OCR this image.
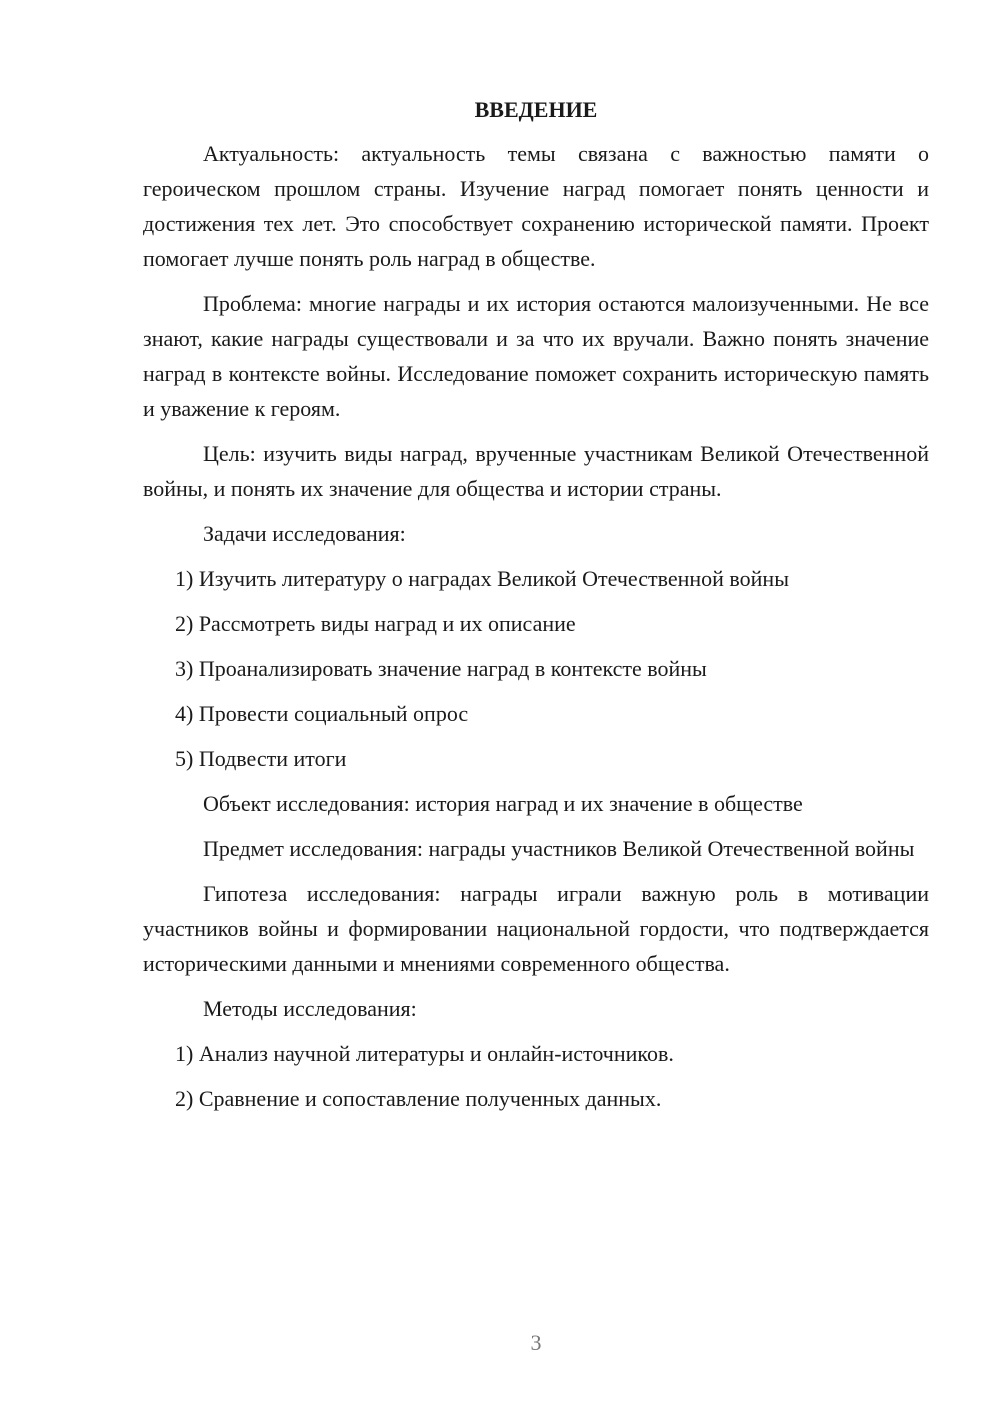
ВВЕДЕНИЕ
Актуальность: актуальность темы связана с важностью памяти о героическом прошлом страны. Изучение наград помогает понять ценности и достижения тех лет. Это способствует сохранению исторической памяти. Проект помогает лучше понять роль наград в обществе.
Проблема: многие награды и их история остаются малоизученными. Не все знают, какие награды существовали и за что их вручали. Важно понять значение наград в контексте войны. Исследование поможет сохранить историческую память и уважение к героям.
Цель: изучить виды наград, врученные участникам Великой Отечественной войны, и понять их значение для общества и истории страны.
Задачи исследования:
1) Изучить литературу о наградах Великой Отечественной войны
2) Рассмотреть виды наград и их описание
3) Проанализировать значение наград в контексте войны
4) Провести социальный опрос
5) Подвести итоги
Объект исследования: история наград и их значение в обществе
Предмет исследования: награды участников Великой Отечественной войны
Гипотеза исследования: награды играли важную роль в мотивации участников войны и формировании национальной гордости, что подтверждается историческими данными и мнениями современного общества.
Методы исследования:
1) Анализ научной литературы и онлайн-источников.
2) Сравнение и сопоставление полученных данных.
3
